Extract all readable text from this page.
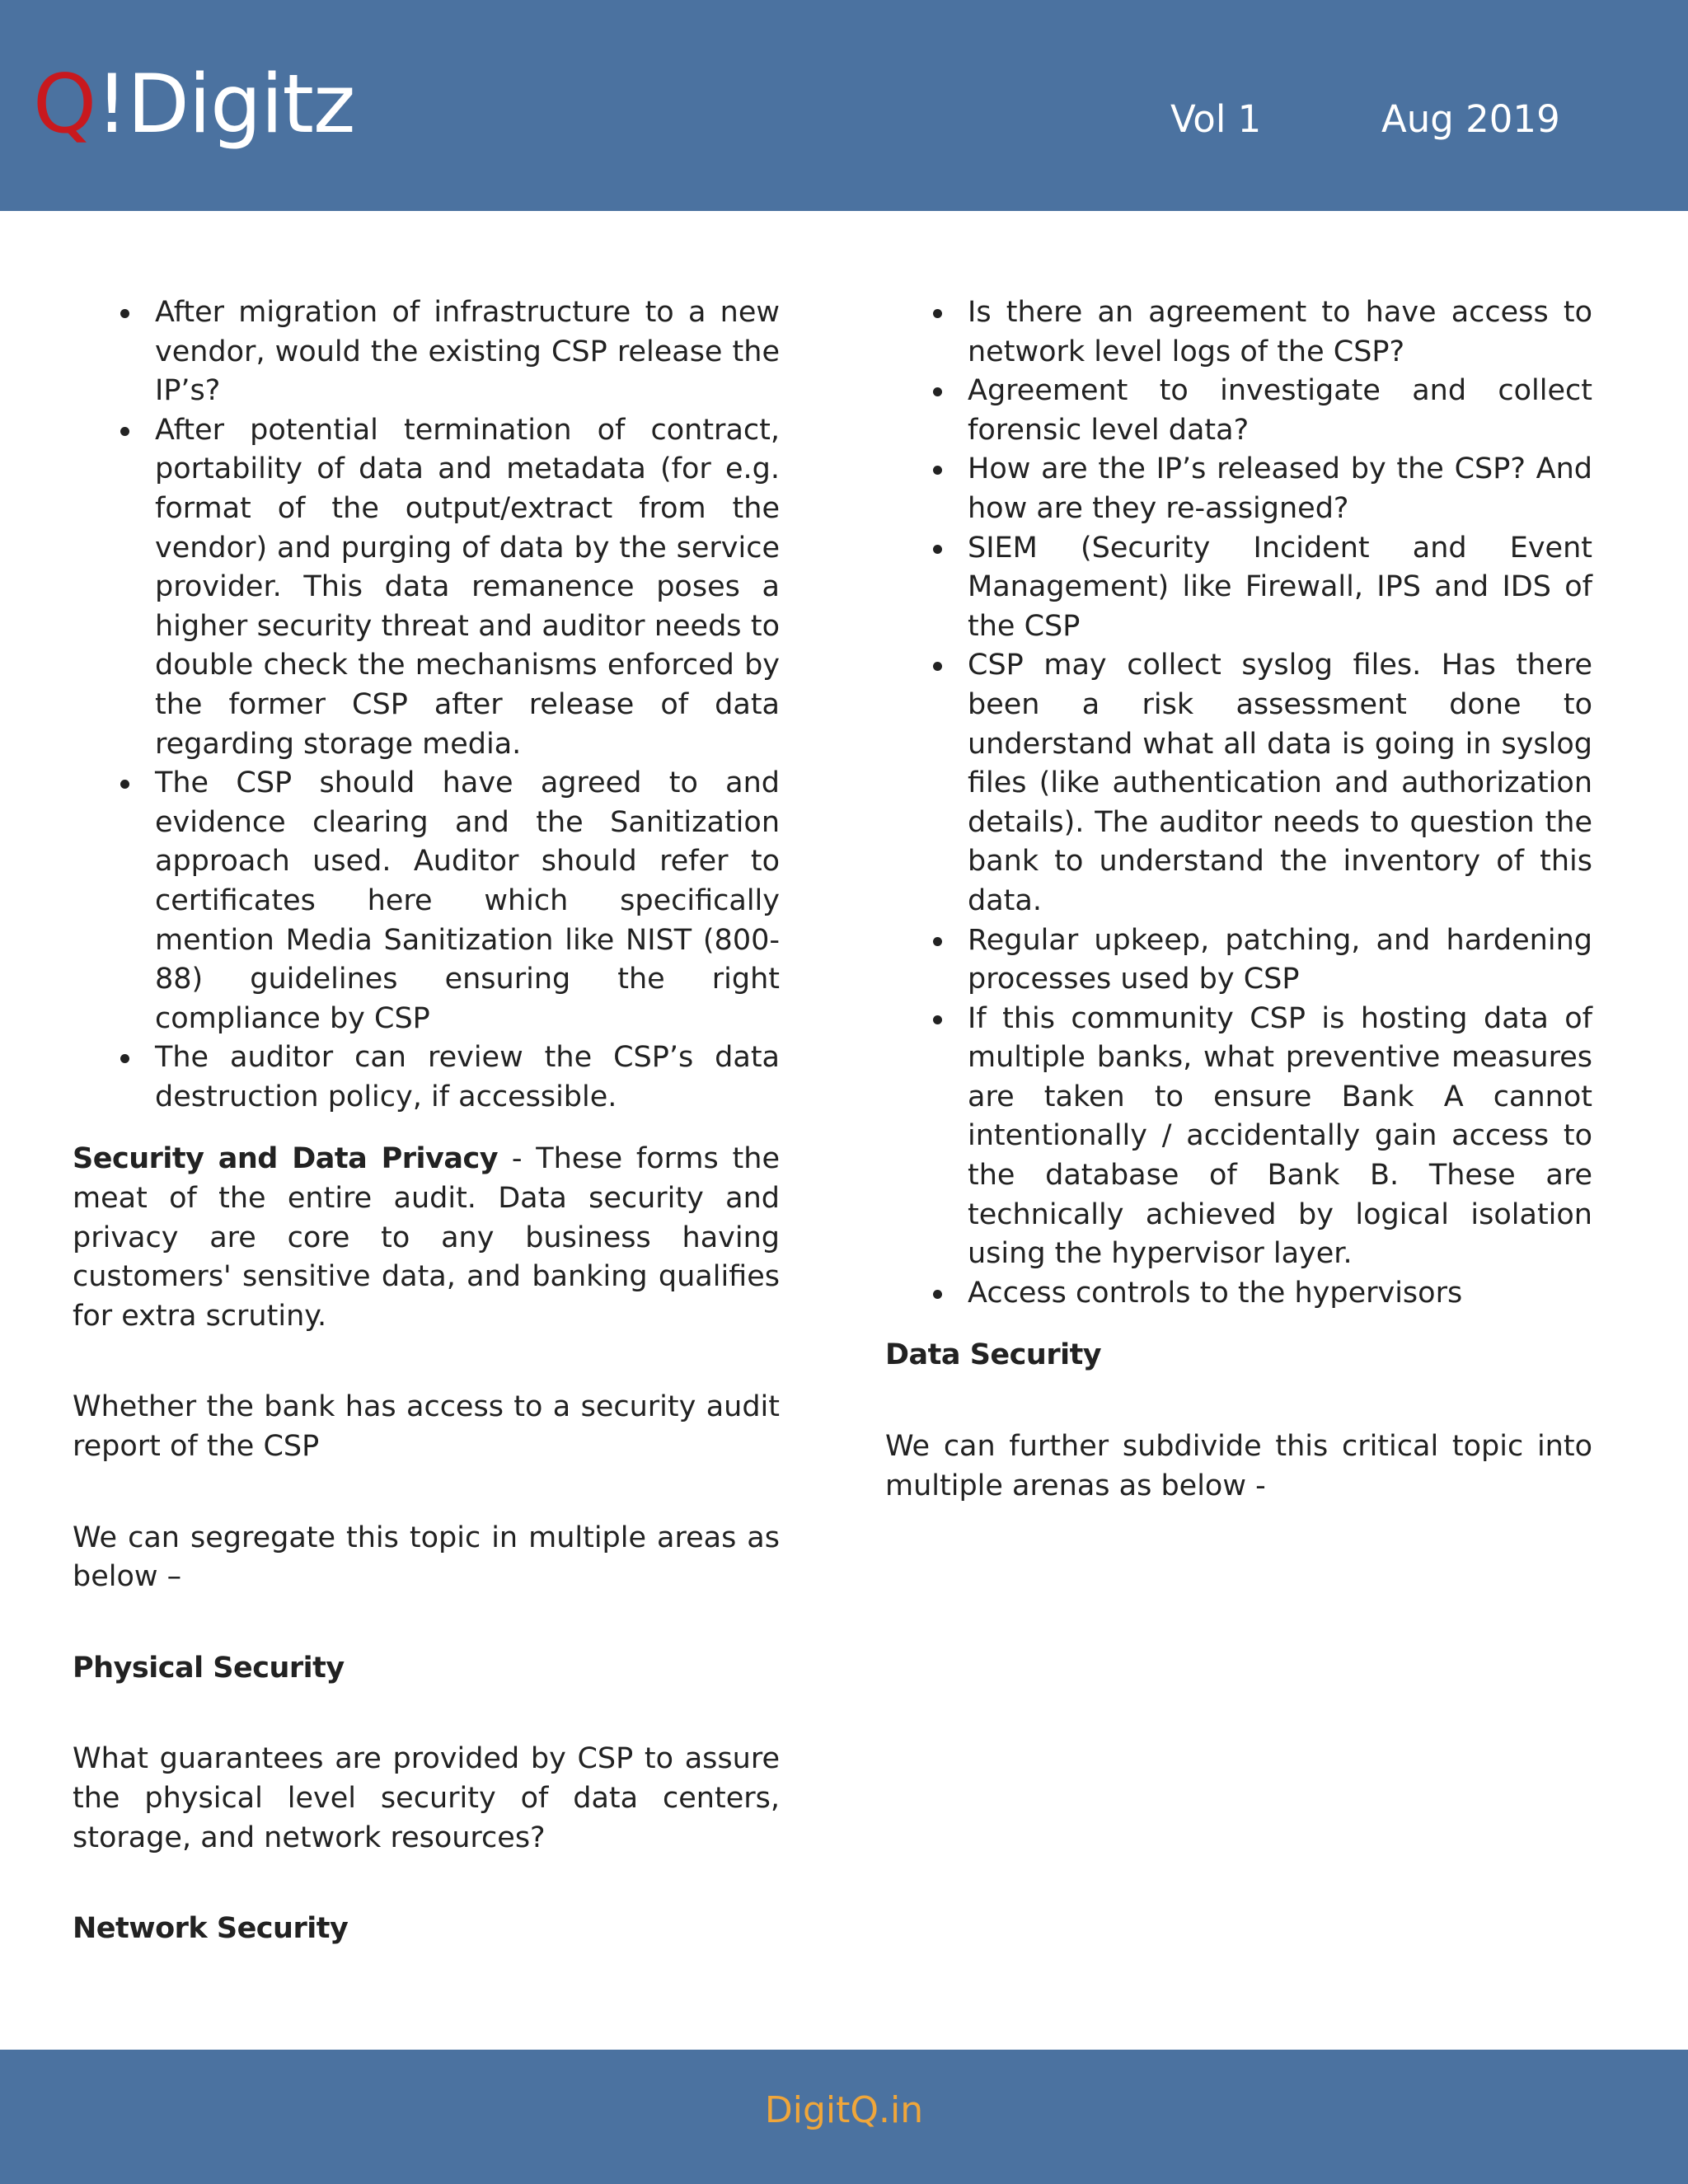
Q!Digitz	Vol 1	Aug 2019
After migration of infrastructure to a new vendor, would the existing CSP release the IP’s?
After potential termination of contract, portability of data and metadata (for e.g. format of the output/extract from the vendor) and purging of data by the service provider. This data remanence poses a higher security threat and auditor needs to double check the mechanisms enforced by the former CSP after release of data regarding storage media.
The CSP should have agreed to and evidence clearing and the Sanitization approach used. Auditor should refer to certificates here which specifically mention Media Sanitization like NIST (800-88) guidelines ensuring the right compliance by CSP
The auditor can review the CSP’s data destruction policy, if accessible.

Security and Data Privacy - These forms the meat of the entire audit. Data security and privacy are core to any business having customers' sensitive data, and banking qualifies for extra scrutiny.

Whether the bank has access to a security audit report of the CSP

We can segregate this topic in multiple areas as below –

Physical Security

What guarantees are provided by CSP to assure the physical level security of data centers, storage, and network resources?

Network Security
Is there an agreement to have access to network level logs of the CSP?
Agreement to investigate and collect forensic level data?
How are the IP’s released by the CSP? And how are they re-assigned?
SIEM (Security Incident and Event Management) like Firewall, IPS and IDS of the CSP
CSP may collect syslog files. Has there been a risk assessment done to understand what all data is going in syslog files (like authentication and authorization details). The auditor needs to question the bank to understand the inventory of this data.
Regular upkeep, patching, and hardening processes used by CSP
If this community CSP is hosting data of multiple banks, what preventive measures are taken to ensure Bank A cannot intentionally / accidentally gain access to the database of Bank B. These are technically achieved by logical isolation using the hypervisor layer.
Access controls to the hypervisors
Data Security

We can further subdivide this critical topic into multiple arenas as below -

DigitQ.in
